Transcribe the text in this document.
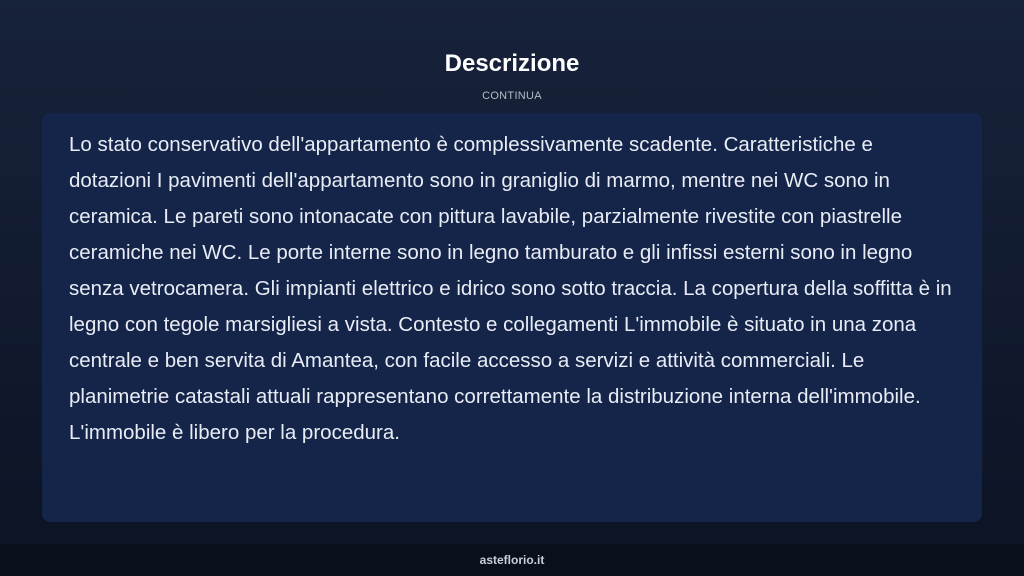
Descrizione
CONTINUA

Lo stato conservativo dell'appartamento è complessivamente scadente. Caratteristiche e dotazioni I pavimenti dell'appartamento sono in graniglio di marmo, mentre nei WC sono in ceramica. Le pareti sono intonacate con pittura lavabile, parzialmente rivestite con piastrelle ceramiche nei WC. Le porte interne sono in legno tamburato e gli infissi esterni sono in legno senza vetrocamera. Gli impianti elettrico e idrico sono sotto traccia. La copertura della soffitta è in legno con tegole marsigliesi a vista. Contesto e collegamenti L'immobile è situato in una zona centrale e ben servita di Amantea, con facile accesso a servizi e attività commerciali. Le planimetrie catastali attuali rappresentano correttamente la distribuzione interna dell'immobile. L'immobile è libero per la procedura.

asteflorio.it
